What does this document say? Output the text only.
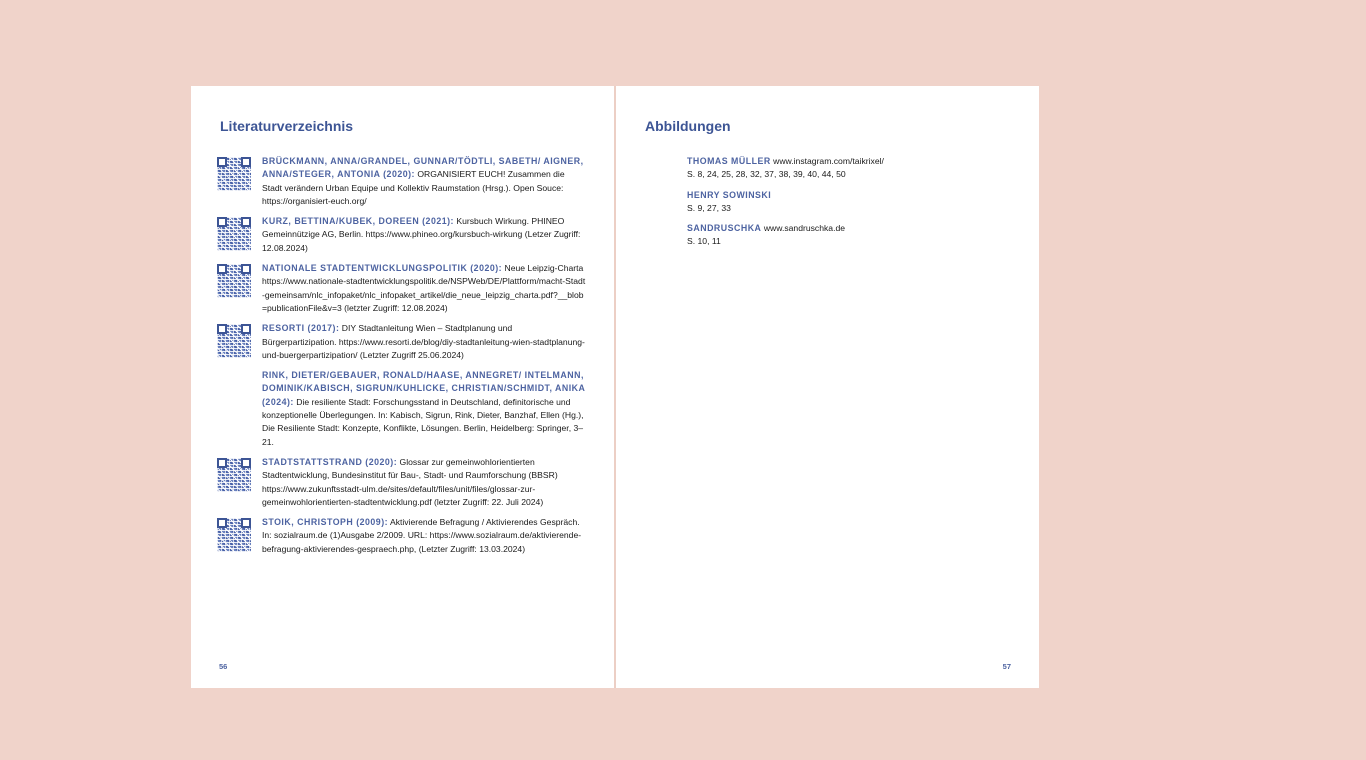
Literaturverzeichnis
BRÜCKMANN, ANNA/GRANDEL, GUNNAR/TÖDTLI, SABETH/ AIGNER, ANNA/STEGER, ANTONIA (2020): ORGANISIERT EUCH! Zusammen die Stadt verändern Urban Equipe und Kollektiv Raumstation (Hrsg.). Open Souce: https://organisiert-euch.org/
KURZ, BETTINA/KUBEK, DOREEN (2021): Kursbuch Wirkung. PHINEO Gemeinnützige AG, Berlin. https://www.phineo.org/kursbuch-wirkung (Letzer Zugriff: 12.08.2024)
NATIONALE STADTENTWICKLUNGSPOLITIK (2020): Neue Leipzig-Charta https://www.nationale-stadtentwicklungspolitik.de/NSPWeb/DE/Plattform/macht-Stadt-gemeinsam/nlc_infopaket/nlc_infopaket_artikel/die_neue_leipzig_charta.pdf?__blob=publicationFile&v=3 (letzter Zugriff: 12.08.2024)
RESORTI (2017): DIY Stadtanleitung Wien – Stadtplanung und Bürgerpartizipation. https://www.resorti.de/blog/diy-stadtanleitung-wien-stadtplanung-und-buergerpartizipation/ (Letzter Zugriff 25.06.2024)
RINK, DIETER/GEBAUER, RONALD/HAASE, ANNEGRET/ INTELMANN, DOMINIK/KABISCH, SIGRUN/KUHLICKE, CHRISTIAN/SCHMIDT, ANIKA (2024): Die resiliente Stadt: Forschungsstand in Deutschland, definitorische und konzeptionelle Überlegungen. In: Kabisch, Sigrun, Rink, Dieter, Banzhaf, Ellen (Hg.), Die Resiliente Stadt: Konzepte, Konflikte, Lösungen. Berlin, Heidelberg: Springer, 3–21.
STADTSTATTSTRAND (2020): Glossar zur gemeinwohlorientierten Stadtentwicklung, Bundesinstitut für Bau-, Stadt- und Raumforschung (BBSR) https://www.zukunftsstadt-ulm.de/sites/default/files/unit/files/glossar-zur-gemeinwohlorientierten-stadtentwicklung.pdf (letzter Zugriff: 22. Juli 2024)
STOIK, CHRISTOPH (2009): Aktivierende Befragung / Aktivierendes Gespräch. In: sozialraum.de (1)Ausgabe 2/2009. URL: https://www.sozialraum.de/aktivierende-befragung-aktivierendes-gespraech.php, (Letzter Zugriff: 13.03.2024)
56
Abbildungen
THOMAS MÜLLER www.instagram.com/taikrixel/
S. 8, 24, 25, 28, 32, 37, 38, 39, 40, 44, 50
HENRY SOWINSKI
S. 9, 27, 33
SANDRUSCHKA www.sandruschka.de
S. 10, 11
57
